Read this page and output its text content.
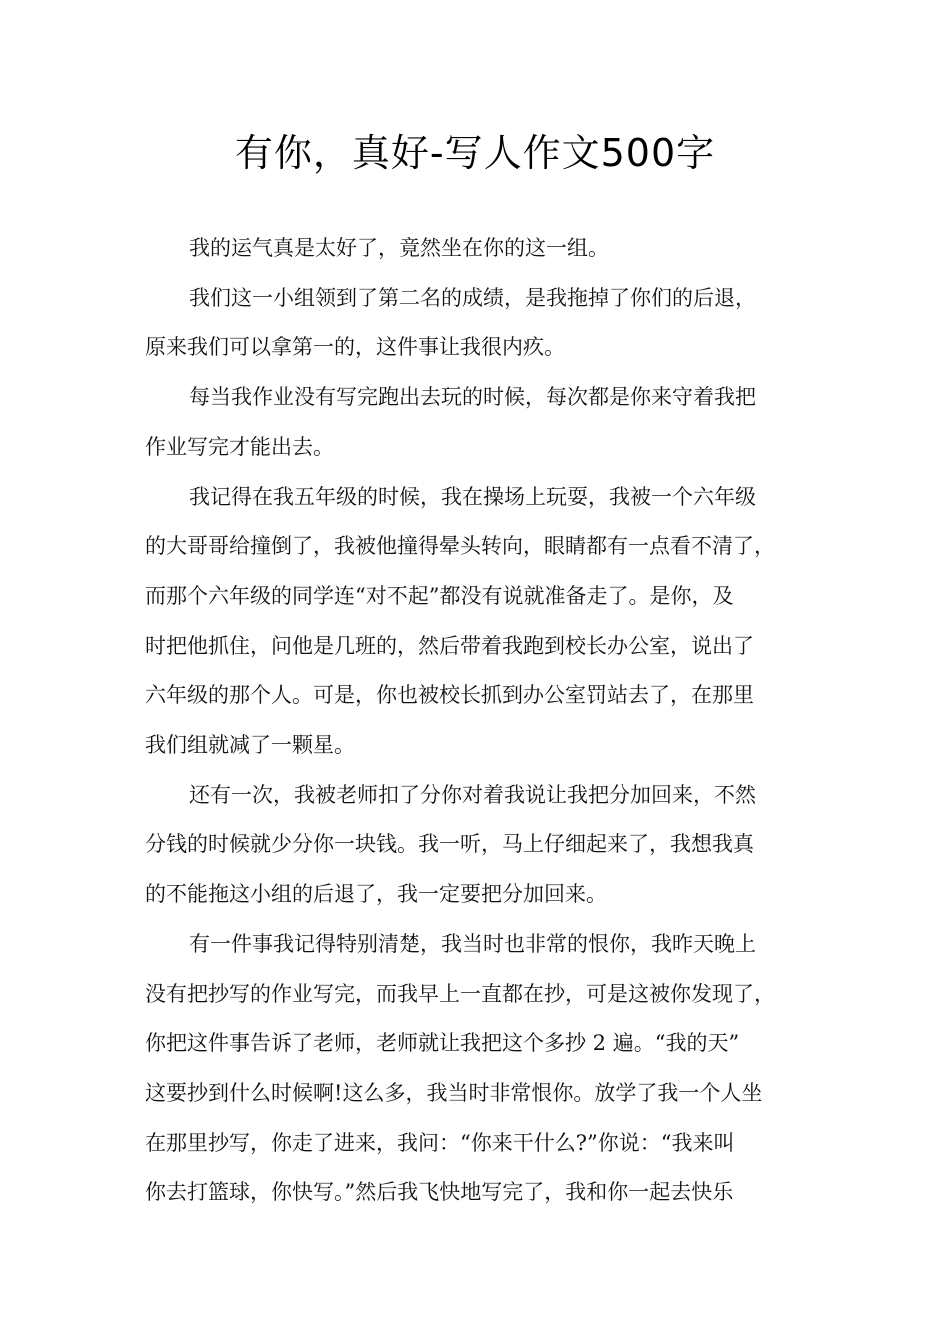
有你，真好-写人作文500字

我的运气真是太好了，竟然坐在你的这一组。

我们这一小组领到了第二名的成绩，是我拖掉了你们的后退，
原来我们可以拿第一的，这件事让我很内疚。

每当我作业没有写完跑出去玩的时候，每次都是你来守着我把
作业写完才能出去。

我记得在我五年级的时候，我在操场上玩耍，我被一个六年级
的大哥哥给撞倒了，我被他撞得晕头转向，眼睛都有一点看不清了，
而那个六年级的同学连“对不起”都没有说就准备走了。是你，及
时把他抓住，问他是几班的，然后带着我跑到校长办公室，说出了
六年级的那个人。可是，你也被校长抓到办公室罚站去了，在那里
我们组就减了一颗星。

还有一次，我被老师扣了分你对着我说让我把分加回来，不然
分钱的时候就少分你一块钱。我一听，马上仔细起来了，我想我真
的不能拖这小组的后退了，我一定要把分加回来。

有一件事我记得特别清楚，我当时也非常的恨你，我昨天晚上
没有把抄写的作业写完，而我早上一直都在抄，可是这被你发现了，
你把这件事告诉了老师，老师就让我把这个多抄 2 遍。“我的天”
这要抄到什么时候啊!这么多，我当时非常恨你。放学了我一个人坐
在那里抄写，你走了进来，我问：“你来干什么?”你说：“我来叫
你去打篮球，你快写。”然后我飞快地写完了，我和你一起去快乐
